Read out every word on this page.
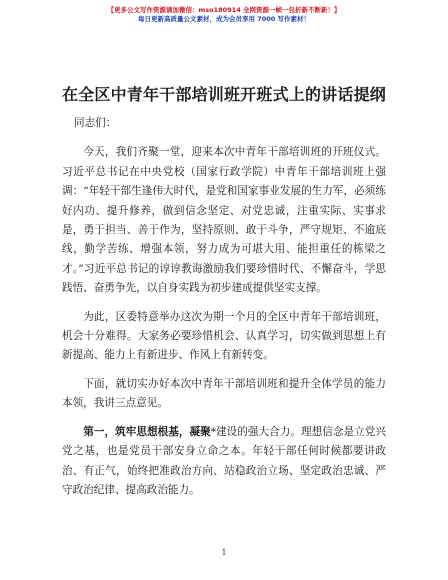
【更多公文写作资源请加微信：mso180914 全网资源一帧一包折新不断新！】
每日更新高质量公文素材，成为会员享用 7000 写作素材！
在全区中青年干部培训班开班式上的讲话提纲
同志们：

今天，我们齐聚一堂，迎来本次中青年干部培训班的开班仪式。习近平总书记在中央党校（国家行政学院）中青年干部培训班上强调：“年轻干部生逢伟大时代，是党和国家事业发展的生力军，必须练好内功、提升修养，做到信念坚定、对党忠诚，注重实际、实事求是，勇于担当、善于作为，坚持原则、敢于斗争，严守规矩、不逾底线，勤学苦练、增强本领，努力成为可堪大用、能担重任的栋梁之才。”习近平总书记的谆谆教诲激励我们要珍惜时代、不懈奋斗，学思践悟、奋勇争先，以自身实践为初步建成提供坚实支撑。

为此，区委特意举办这次为期一个月的全区中青年干部培训班，机会十分难得。大家务必要珍惜机会、认真学习，切实做到思想上有新提高、能力上有新进步、作风上有新转变。

下面，就切实办好本次中青年干部培训班和提升全体学员的能力本领，我讲三点意见。

第一，筑牢思想根基，凝聚*建设的强大合力。理想信念是立党兴党之基，也是党员干部安身立命之本。年轻干部任何时候都要讲政治、有正气，始终把准政治方向、站稳政治立场、坚定政治忠诚、严守政治纪律、提高政治能力。

1
